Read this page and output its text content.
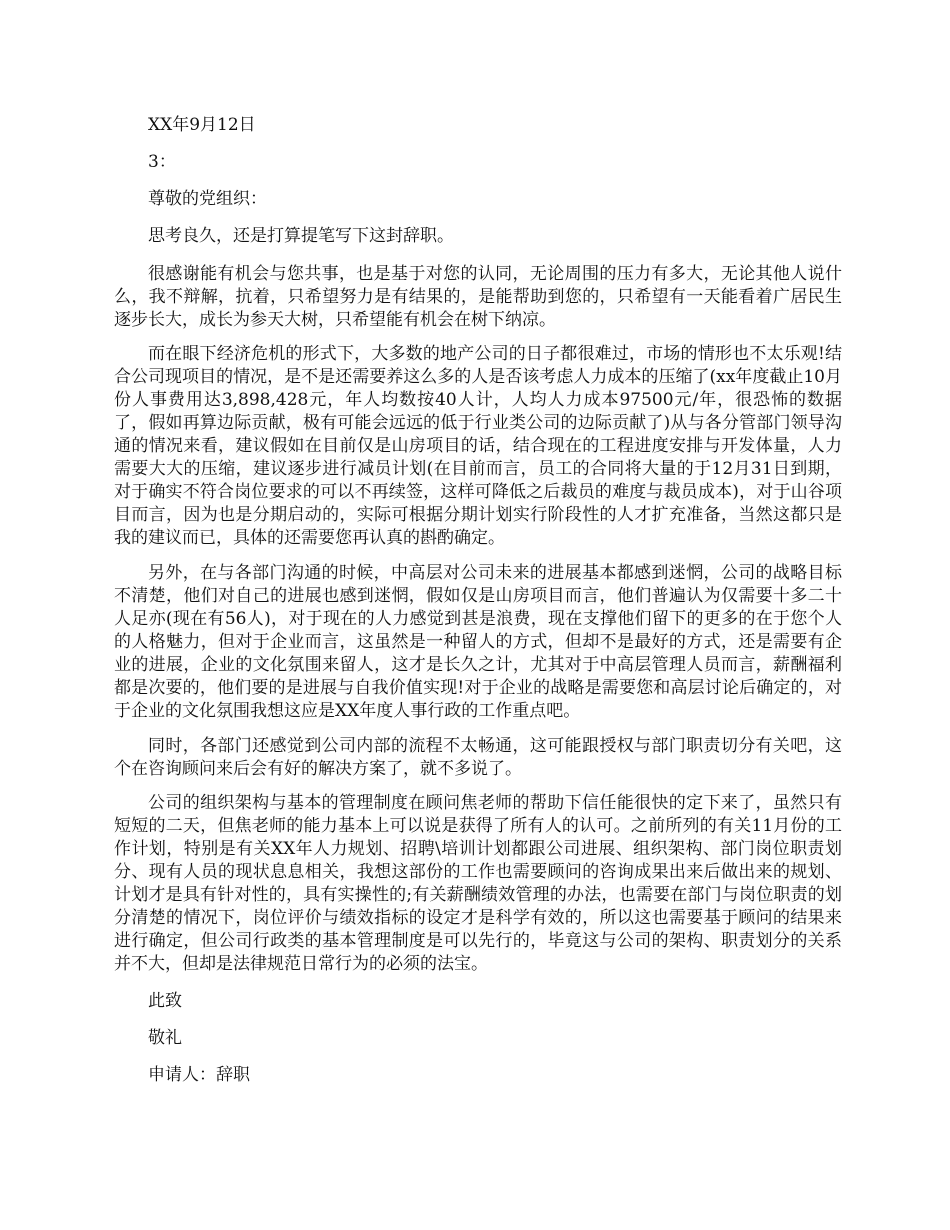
XX年9月12日
3：
尊敬的党组织：
思考良久，还是打算提笔写下这封辞职。

很感谢能有机会与您共事，也是基于对您的认同，无论周围的压力有多大，无论其他人说什么，我不辩解，抗着，只希望努力是有结果的，是能帮助到您的，只希望有一天能看着广居民生逐步长大，成长为参天大树，只希望能有机会在树下纳凉。

而在眼下经济危机的形式下，大多数的地产公司的日子都很难过，市场的情形也不太乐观!结合公司现项目的情况，是不是还需要养这么多的人是否该考虑人力成本的压缩了(xx年度截止10月份人事费用达3,898,428元，年人均数按40人计，人均人力成本97500元/年，很恐怖的数据了，假如再算边际贡献，极有可能会远远的低于行业类公司的边际贡献了)从与各分管部门领导沟通的情况来看，建议假如在目前仅是山房项目的话，结合现在的工程进度安排与开发体量，人力需要大大的压缩，建议逐步进行减员计划(在目前而言，员工的合同将大量的于12月31日到期，对于确实不符合岗位要求的可以不再续签，这样可降低之后裁员的难度与裁员成本)，对于山谷项目而言，因为也是分期启动的，实际可根据分期计划实行阶段性的人才扩充准备，当然这都只是我的建议而已，具体的还需要您再认真的斟酌确定。

另外，在与各部门沟通的时候，中高层对公司未来的进展基本都感到迷惘，公司的战略目标不清楚，他们对自己的进展也感到迷惘，假如仅是山房项目而言，他们普遍认为仅需要十多二十人足亦(现在有56人)，对于现在的人力感觉到甚是浪费，现在支撑他们留下的更多的在于您个人的人格魅力，但对于企业而言，这虽然是一种留人的方式，但却不是最好的方式，还是需要有企业的进展，企业的文化氛围来留人，这才是长久之计，尤其对于中高层管理人员而言，薪酬福利都是次要的，他们要的是进展与自我价值实现!对于企业的战略是需要您和高层讨论后确定的，对于企业的文化氛围我想这应是XX年度人事行政的工作重点吧。

同时，各部门还感觉到公司内部的流程不太畅通，这可能跟授权与部门职责切分有关吧，这个在咨询顾问来后会有好的解决方案了，就不多说了。

公司的组织架构与基本的管理制度在顾问焦老师的帮助下信任能很快的定下来了，虽然只有短短的二天，但焦老师的能力基本上可以说是获得了所有人的认可。之前所列的有关11月份的工作计划，特别是有关XX年人力规划、招聘\培训计划都跟公司进展、组织架构、部门岗位职责划分、现有人员的现状息息相关，我想这部份的工作也需要顾问的咨询成果出来后做出来的规划、计划才是具有针对性的，具有实操性的;有关薪酬绩效管理的办法，也需要在部门与岗位职责的划分清楚的情况下，岗位评价与绩效指标的设定才是科学有效的，所以这也需要基于顾问的结果来进行确定，但公司行政类的基本管理制度是可以先行的，毕竟这与公司的架构、职责划分的关系并不大，但却是法律规范日常行为的必须的法宝。

此致
敬礼
申请人：辞职
